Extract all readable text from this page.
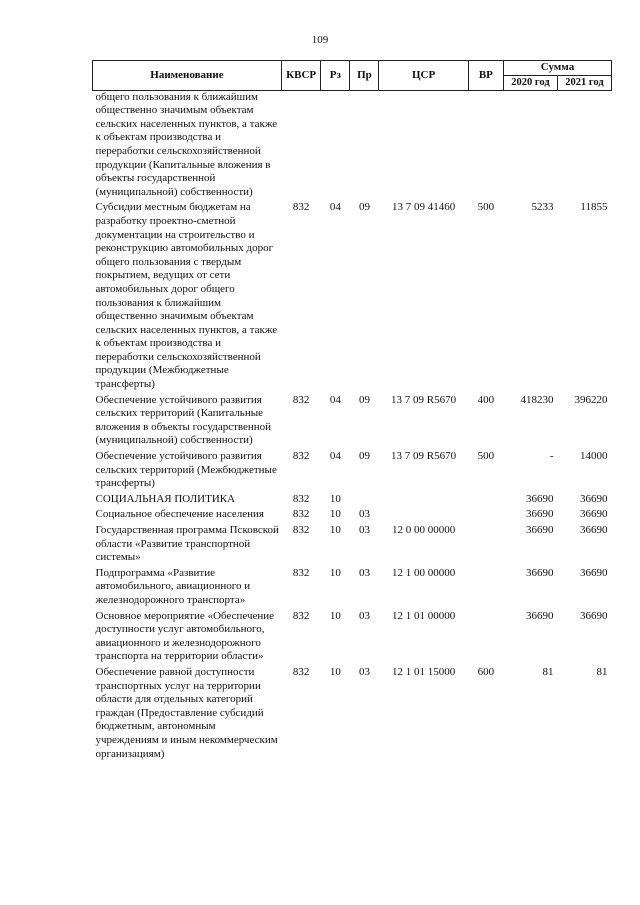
109
Наименование	КВСР	Рз	Пр	ЦСР	ВР	Сумма	
						2020 год	2021 год
общего пользования к ближайшим общественно значимым объектам сельских населенных пунктов, а также к объектам производства и переработки сельскохозяйственной продукции (Капитальные вложения в объекты государственной (муниципальной) собственности)							
Субсидии местным бюджетам на разработку проектно-сметной документации на строительство и реконструкцию автомобильных дорог общего пользования с твердым покрытием, ведущих от сети автомобильных дорог общего пользования к ближайшим общественно значимым объектам сельских населенных пунктов, а также к объектам производства и переработки сельскохозяйственной продукции (Межбюджетные трансферты)	832	04	09	13 7 09 41460	500	5233	11855
Обеспечение устойчивого развития сельских территорий (Капитальные вложения в объекты государственной (муниципальной) собственности)	832	04	09	13 7 09 R5670	400	418230	396220
Обеспечение устойчивого развития сельских территорий (Межбюджетные трансферты)	832	04	09	13 7 09 R5670	500	-	14000
СОЦИАЛЬНАЯ ПОЛИТИКА	832	10				36690	36690
Социальное обеспечение населения	832	10	03			36690	36690
Государственная программа Псковской области «Развитие транспортной системы»	832	10	03	12 0 00 00000		36690	36690
Подпрограмма «Развитие автомобильного, авиационного и железнодорожного транспорта»	832	10	03	12 1 00 00000		36690	36690
Основное мероприятие «Обеспечение доступности услуг автомобильного, авиационного и железнодорожного транспорта на территории области»	832	10	03	12 1 01 00000		36690	36690
Обеспечение равной доступности транспортных услуг на территории области для отдельных категорий граждан (Предоставление субсидий бюджетным, автономным учреждениям и иным некоммерческим организациям)	832	10	03	12 1 01 15000	600	81	81
